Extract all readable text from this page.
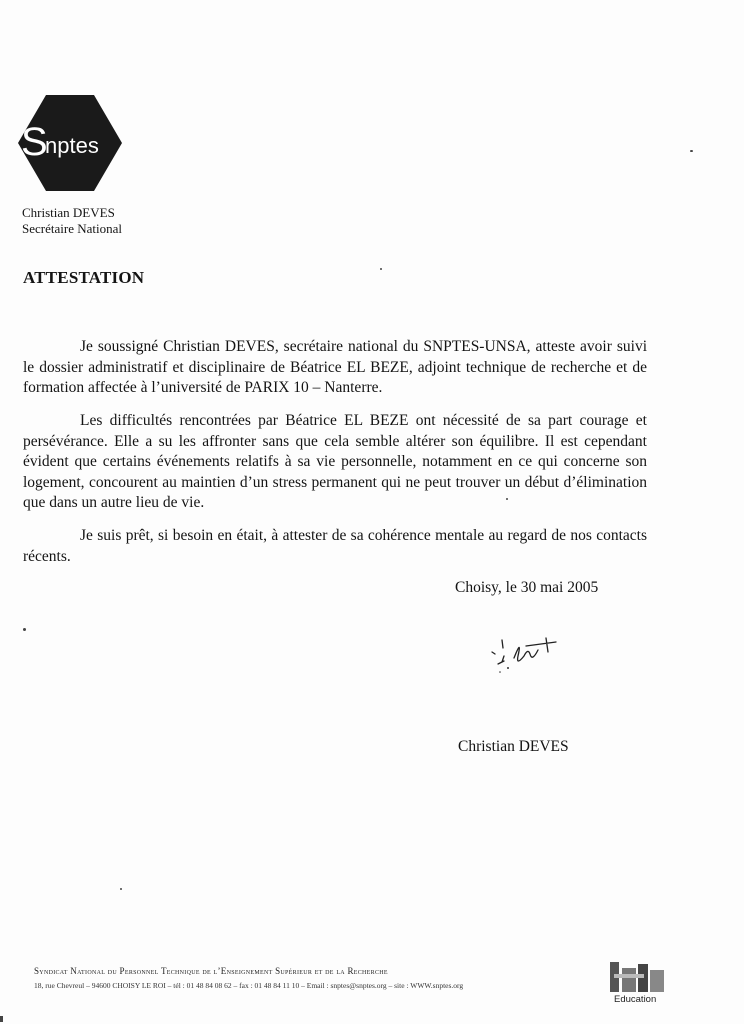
S
nptes
Christian DEVES
Secrétaire National
ATTESTATION

Je soussigné Christian DEVES, secrétaire national du SNPTES-UNSA, atteste avoir suivi le dossier administratif et disciplinaire de Béatrice EL BEZE, adjoint technique de recherche et de formation affectée à l’université de PARIX 10 – Nanterre.

Les difficultés rencontrées par Béatrice EL BEZE ont nécessité de sa part courage et persévérance. Elle a su les affronter sans que cela semble altérer son équilibre. Il est cependant évident que certains événements relatifs à sa vie personnelle, notamment en ce qui concerne son logement, concourent au maintien d’un stress permanent qui ne peut trouver un début d’élimination que dans un autre lieu de vie.

Je suis prêt, si besoin en était, à attester de sa cohérence mentale au regard de nos contacts récents.

Choisy, le 30 mai 2005
Christian DEVES
Syndicat National du Personnel Technique de l’Enseignement Supérieur et de la Recherche
18, rue Chevreul – 94600 CHOISY LE ROI – tél : 01 48 84 08 62 – fax : 01 48 84 11 10 – Email : snptes@snptes.org – site : WWW.snptes.org
Education
